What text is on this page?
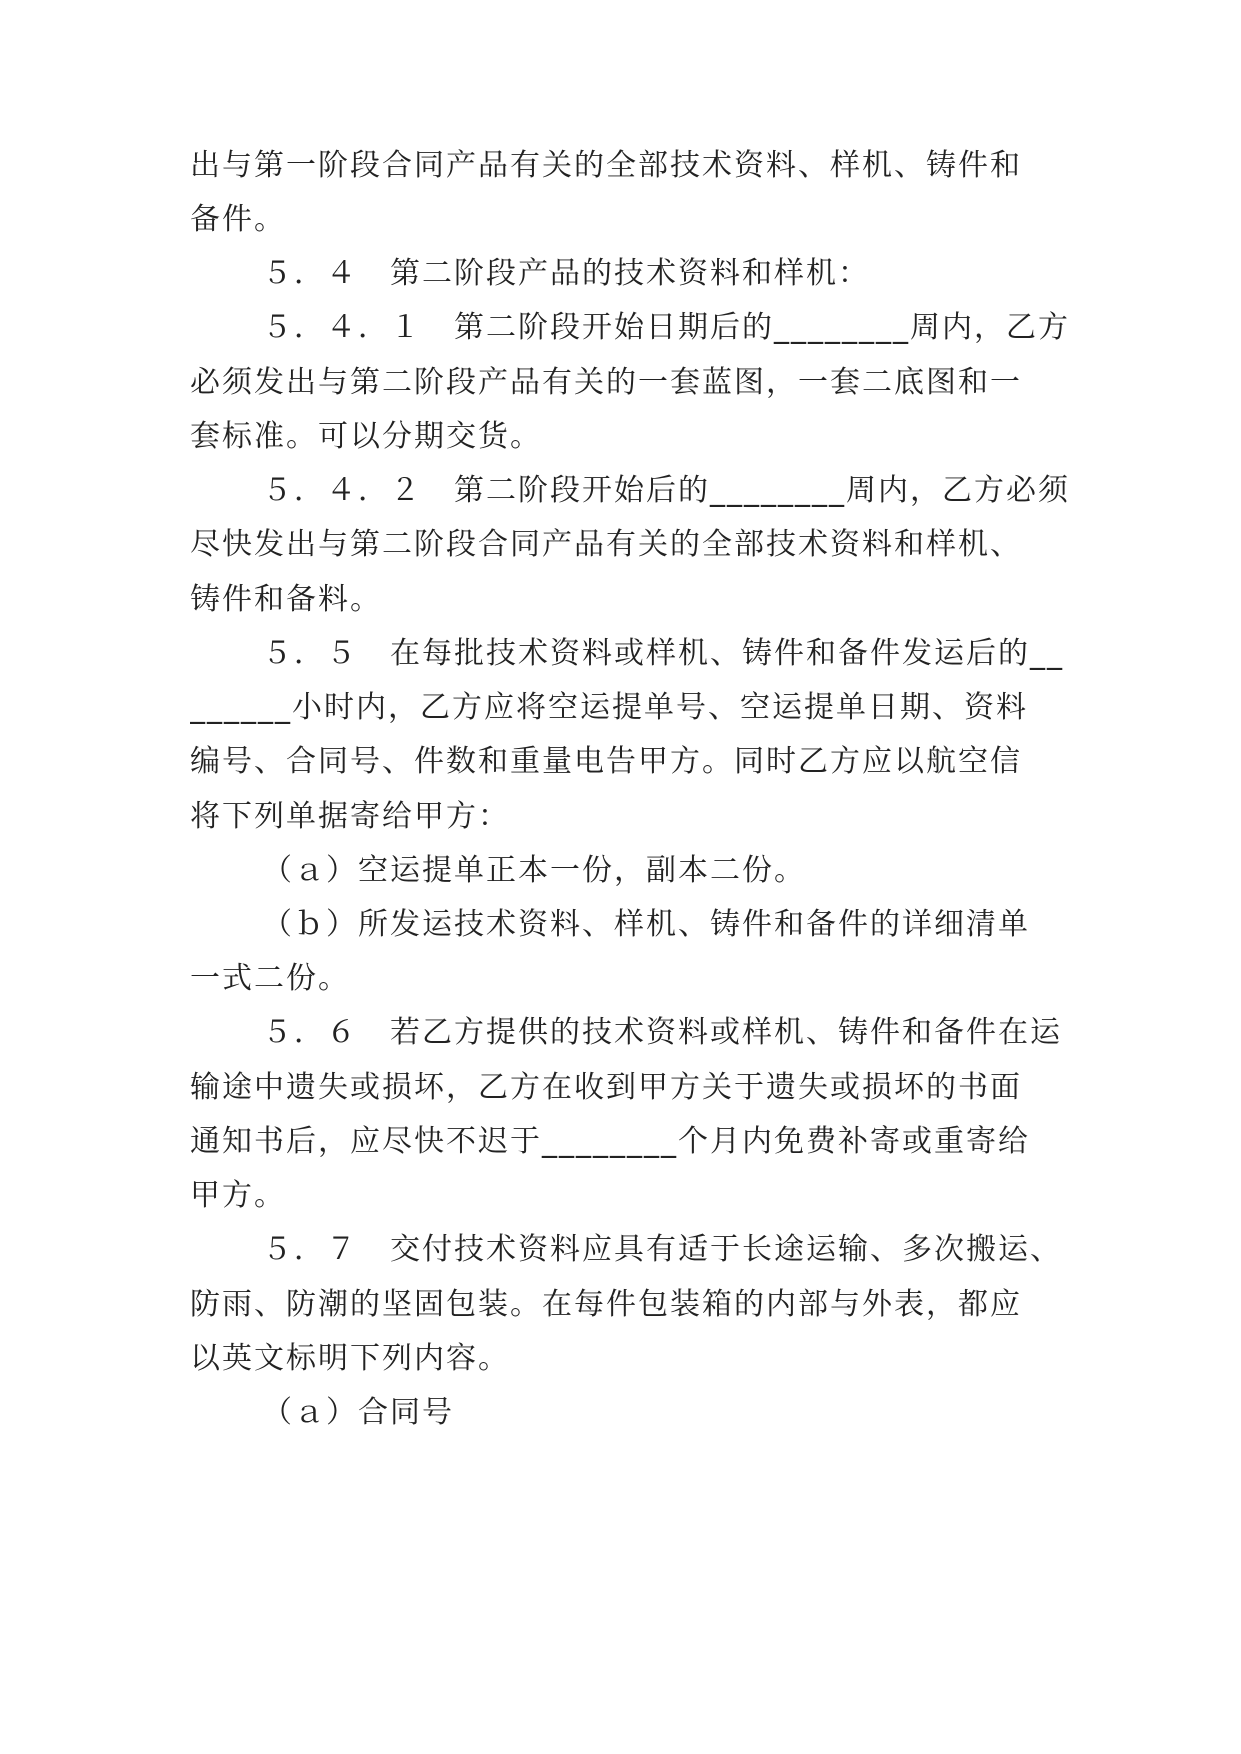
出与第一阶段合同产品有关的全部技术资料、样机、铸件和
备件。
５．４　第二阶段产品的技术资料和样机：
５．４．１　第二阶段开始日期后的________周内，乙方
必须发出与第二阶段产品有关的一套蓝图，一套二底图和一
套标准。可以分期交货。
５．４．２　第二阶段开始后的________周内，乙方必须
尽快发出与第二阶段合同产品有关的全部技术资料和样机、
铸件和备料。
５．５　在每批技术资料或样机、铸件和备件发运后的__
______小时内，乙方应将空运提单号、空运提单日期、资料
编号、合同号、件数和重量电告甲方。同时乙方应以航空信
将下列单据寄给甲方：
（ａ）空运提单正本一份，副本二份。
（ｂ）所发运技术资料、样机、铸件和备件的详细清单
一式二份。
５．６　若乙方提供的技术资料或样机、铸件和备件在运
输途中遗失或损坏，乙方在收到甲方关于遗失或损坏的书面
通知书后，应尽快不迟于________个月内免费补寄或重寄给
甲方。
５．７　交付技术资料应具有适于长途运输、多次搬运、
防雨、防潮的坚固包装。在每件包装箱的内部与外表，都应
以英文标明下列内容。
（ａ）合同号
